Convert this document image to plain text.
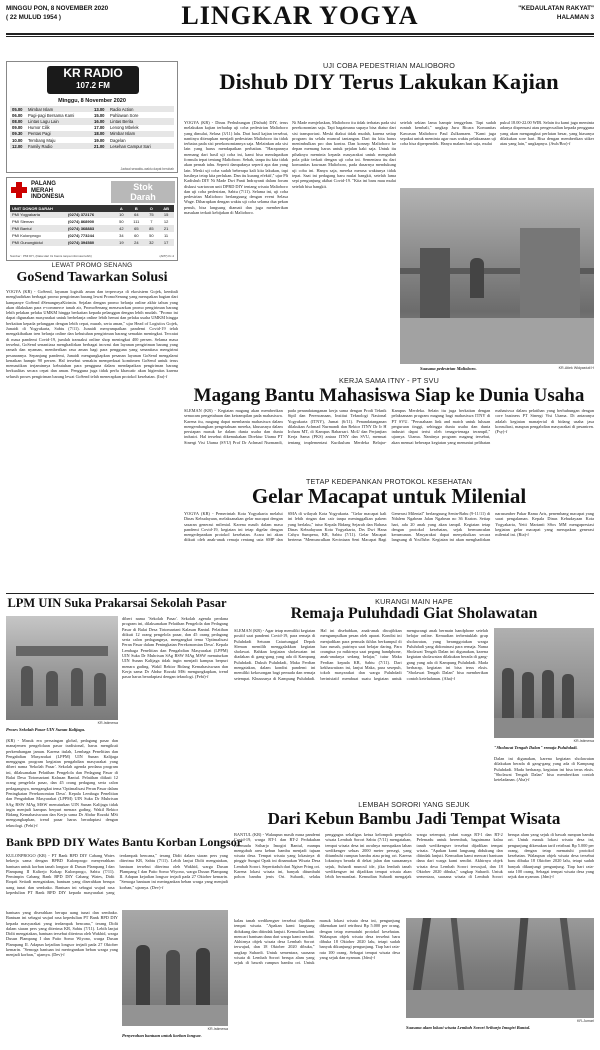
MINGGU PON, 8 NOVEMBER 2020
( 22 MULUD 1954 )	LINGKAR YOGYA	"KEDAULATAN RAKYAT"
HALAMAN 3
KR RADIO
107.2 FM
Minggu, 8 November 2020
05.00	Mimbar Islam	13.00	Radio Action
06.00	Pagi-pagi Bersama Kami	15.00	Pahlawan Sore
08.00	Lintas Lagu Lain	16.00	Lintas Berita
09.00	Humor Cilik	17.00	Lenong Mbelek
09.30	Pentas Pagi	18.00	Mimbar Islam
10.00	Tembang Maju	19.00	Dagelan
12.00	Family Radio	21.00	Lesehan Campur Sari
Jadwal sewaktu-waktu dapat berubah
PALANG
MERAH
INDONESIA
Stok
Darah
UNIT DONOR DARAH		A	B	O	AB
PMI Yogyakarta	(0274) 372176	10	64	75	15
PMI Sleman	(0274) 868900	50	111	7	12
PMI Bantul	(0274) 368883	42	65	85	21
PMI Kulonprogo	(0274) 773244	34	60	50	11
PMI Gunungkidul	(0274) 394580	19	24	32	17
Sumber : PMI DIY, (Data Hari Ini Kamis tanpa informasi lebih)	(APP) Kr-4
UJI COBA PEDESTRIAN MALIOBORO
Dishub DIY Terus Lakukan Kajian
YOGYA (KR) - Dinas Perhubungan (Dishub) DIY, terus melakukan kajian terhadap uji coba pedestrian Malioboro yang dimulai, Selasa (3/11) lalu. Dari hasil kajian tersebut, nantinya diterapkan menjadi pedestrian Malioboro itu tidak terbatas pada sisi perekonomiannya saja. Melainkan ada sisi lain yang harus mendapatkan perhatian. "Harapannya memang dari hasil uji coba ini, kami bisa mendapatkan formula tepat tentang Malioboro. Sebab, tanpa itu kita tidak akan pernah tahu. Seperti dampaknya seperti apa dan yang lain. Meski uji coba sudah beberapa kali kita lakukan, tapi hasilnya tetap kita perlukan. Dan itu kurang efektif," ujar Plt Kadishub DIY Ni Made Dwi Panti Indrayanti dalam forum diskusi wartawan unit DPRD DIY tentang wisata Malioboro dan uji coba pedestrian, Sabtu (7/11). Selama ini, uji coba pedestrian Malioboro berlangsung dengan event Selasa Wage. Diharapkan dengan waktu uji coba selama dua pekan penuh, bisa langsung diamati dan juga memberikan masukan terkait kebijakan di Malioboro.
Ni Made menjelaskan, Malioboro itu tidak terbatas pada sisi perekonomian saja. Tapi bagaimana supaya bisa diatur dari sisi transportasi. Meski diakui tidak mudah, karena setiap program itu selalu muncul tantangan. Dari itu kita harus menimbulkan pro dan kontra. Dan konsep Malioboro ke depan memang harus untuk pejalan kaki saja. Untuk itu pihaknya meminta kepada masyarakat untuk mengubah pola pikir terkait dengan uji coba ini. Sementara itu dari komunitas kawasan Malioboro, pada dasarnya mendukung uji coba ini. Hanya saja, mereka merasa waktunya tidak tepat. Saat ini pedagang baru mulai bangkit, setelah lama sepi pengunjung akibat Covid-19. "Kita ini baru mau mulai setelah bisa bangkit.
setelah sekian lama hampir tenggelam. Tapi sudah runtuh kembali," ungkap Juru Bicara Komunitas Kawasan Malioboro Paul Zulkarnaen. "Kami juga sepakat untuk meminta agar ruas waktu pelaksanaan uji coba bisa diperpendek. Hanya malam hari saja, mulai
pukul 18.00-22.00 WIB. Selain itu kami juga meminta adanya dispensasi atau pengecualian kepada pengguna yang akan mengangkut perlatan besar, yang biasanya dilakukan sore hari. Bisa dengan memberikan stiker atau yang lain," ungkapnya. (Awh/Bro)-f
Suasana pedestrian Malioboro.	KR-Atiek Widyastuti H
LEWAT PROMO SENANG
GoSend Tawarkan Solusi
YOGYA (KR) - GoSend, layanan logistik aman dan terpercaya di ekosistem Gojek, kembali menghadirkan berbagai promo pengiriman barang lewat PromoSenang yang merupakan bagian dari kampanye GoSend #SenangnyaKirimin. Sejalan dengan promo belanja online akhir tahun yang akan dilakukan para e-commerce tanah air, PromoSenang menawarkan promo pengiriman barang lebih pelakan pelaku UMKM hingga berkaitan kepada pelanggan dengan lebih mudah. "Promo ini dapat digunakan masyarakat untuk berbelanja online lebih hemat dan pelaku usaha UMKM hingga berkaitan kepada pelanggan dengan lebih cepat, murah, serta aman," ujar Head of Logistics Gojek, Junaidi di Yogyakarta, Sabtu (7/11). Junaidi menyampaikan pandemi Covid-19 telah mengakibatkan tren belanja online dan kebutuhan pengiriman barang semakin meningkat. Tercatat di masa pandemi Covid-19, jumlah transaksi online shop meningkat 400 persen. Selama masa tersebut, GoSend senantiasa menghadirkan berbagai inovasi dan layanan pengiriman barang yang ramah dan nyaman, memberikan rasa aman bagi para pengguna yang senantiasa mengirimi pesanannya. Sepanjang pandemi, Junaidi mengungkapkan pesanan layanan GoSend mengalami kenaikan hampir 90 persen. Hal tersebut semakin memperkuat komitmen GoSend untuk terus memastikan terjaminnya kebutuhan para pengguna dalam mendapatkan pengiriman barang berkualitas secara cepat dan aman. Pengguna juga tidak perlu khawatir akan higienitas karena seluruh proses pengiriman barang lewat GoSend telah menerapkan protokol kesehatan. (Ira)-f	KERJA SAMA ITNY - PT SVU
Magang Bantu Mahasiswa Siap ke Dunia Usaha
SLEMAN (KR) - Kegiatan magang akan memberikan semacam pengetahuan dan ketrampilan pada mahasiswa. Karena itu, magang dapat membantu mahasiswa dalam mengembangkan pengetahuan mereka, khususnya dalam persiapan masuk ke dalam dunia usaha dan dunia industri. Hal tersebut dikemukakan Direktur Utama PT Sinergi Visi Utama (SVU) Prof Dr Achmad Nurmandi, pada penandatanganan kerja sama dengan Prodi Teknik Sipil dan Perencanaan, Institut Teknologi Nasional Yogyakarta (ITNY), Jumat (6/11). Penandatanganan dilakukan Achmad Nurmandi dan Rektor ITNY Dr Ir H Ircham MT, di Kampus Babarsari. MoU dan Perjanjian Kerja Sama (PKS) antara ITNY dan SVU, memuat tentang implementasi Kurikulum Merdeka Belajar-Kampus Merdeka. Selain itu juga berkaitan dengan pelaksanaan program magang bagi mahasiswa ITNY di PT SVU. "Perusahaan link and match untuk lulusan perguruan tinggi, sehingga dunia usaha dan dunia industri dapat terisi oleh tenaga-tenaga terampil," ujarnya. Utama. Nantinya program magang tersebut, akan menuai beberapa kegiatan yang menuntut pelibatan mahasiswa dalam pelatihan yang berhubungan dengan core business PT Sinergi Visi Utama. Di antaranya adalah kegiatan manajerial di bidang usaha jasa konsultasi, maupun pengabdian masyarakat di pesantren. (Fsy)-f
TETAP KEDEPANKAN PROTOKOL KESEHATAN
Gelar Macapat untuk Milenial
YOGYA (KR) - Pemerintah Kota Yogyakarta melalui Dinas Kebudayaan, melaksanakan gelar macapat dengan sasaran generasi milenial. Karena masih dalam masa pandemi Covid-19, kegiatan ini tetap digelar dengan mengedepankan protokol kesehatan. Acara ini akan diikuti oleh anak-anak remaja rentang usia SMP dan SMA di wilayah Kota Yogyakarta. "Gelar macapat kali ini lebih ringan dan cair tanpa meninggalkan pakem yang berlaku," tutur Kepala Bidang Sejarah dan Bahasa Dinas Kebudayaan Kota Yogyakarta, Drs Dwi Hana Cahya Sumpena, KR, Sabtu (7/11). Gelar Macapat bertema "Memunculkan Kecintaan Seni Macapat Bagi Generasi Milenial" berlangsung Senin-Rabu (9-11/11) di Ndalem Ngabean Jalan Ngabean no 36 Kraton. Setiap hari, ada 20 anak yang akan tampil. Kegiatan tetap dengan protokol kesehatan, sejak bermunculan kerumunan. Masyarakat dapat menyaksikan secara langsung di YouTube. Kegiatan ini akan menghadirkan narasumber Pakar Rama Aris, penembang macapat yang sarat pengalaman. Kepala Dinas Kebudayaan Kota Yogyakarta, Yetti Martanti SSos MM mengapresiasi kegiatan gelar macapat yang merupakan generasi milenial ini. (Ria)-f
LPM UIN Suka Prakarsai Sekolah Pasar
KR-Istimewa
Proses Sekolah Pasar UIN Sunan Kalijaga.
(KR) - Masuk era persaingan global, pedagang pasar dan manajemen pengelolaan pasar tradisional, harus mengikuti perkembangan jaman. Karena itulah, Lembaga Penelitian dan Pengabdian Masyarakat (LPPM) UIN Sunan Kalijaga menggagas program kegiatan pengabdian masyarakat yang diberi nama 'Sekolah Pasar'. Sekolah agenda perdana program ini, dilaksanakan Pelatihan Pengelola dan Pedagang Pasar di Balai Desa Tirtomartani Kalasan Bantul. Pelatihan diikuti 12 orang pengelola pasar, dan 45 orang pedagang serta calon pedagangnya, mengangkat tema 'Optimalisasi Peran Pasar dalam Peningkatan Perekonomian Desa'. Kepala Lembaga Penelitian dan Pengabdian Masyarakat (LPPM) UIN Suka Dr Muhrisun SAg BSW MAg MSW menuturkan UIN Sunan Kalijaga tidak ingin menjadi kampus berpuri menara gading. Wakil Rektor Bidang Kemahasiswaan dan Kerja sama Dr Abdur Rozaki MSi mengungkapkan, trend pasar harus beradaptasi dengan teknologi. (Febi)-f
diberi nama 'Sekolah Pasar'. Sekolah agenda perdana program ini, dilaksanakan Pelatihan Pengelola dan Pedagang Pasar di Balai Desa Tirtomartani Kalasan Bantul. Pelatihan diikuti 12 orang pengelola pasar, dan 45 orang pedagang serta calon pedagangnya, mengangkat tema 'Optimalisasi Peran Pasar dalam Peningkatan Perekonomian Desa'. Kepala Lembaga Penelitian dan Pengabdian Masyarakat (LPPM) UIN Suka Dr Muhrisun SAg BSW MAg MSW menuturkan UIN Sunan Kalijaga tidak ingin menjadi kampus berpuri menara gading. Wakil Rektor Bidang Kemahasiswaan dan Kerja sama Dr Abdur Rozaki MSi mengungkapkan, trend pasar harus beradaptasi dengan teknologi. (Febi)-f
KURANGI MAIN HAPE
Remaja Puluhdadi Giat Sholawatan
SLEMAN (KR) - Agar tetap memiliki kegiatan positif saat pandemi Covid-19, para remaja di Puluhdadi Seturan Caturtunggal Depok Sleman memilih menggalakkan kegiatan sholawat. Bahkan kegiatan sholawatan ini diadakan di gang-gang yang ada di Kampung Puluhdadi. Dukuh Puluhdadi, Maka Ferdian mengatakan, dalam kondisi pandemi ini memiliki kekosongan bagi pemuda dan remaja setempat. Khususnya di Kampung Puluhdadi. Hal ini disebabkan, anak-anak diwajibkan mengumpulkan pesan oleh aparat. Kondisi ini menjadikan para pemuda ikhlas berkumpul di luar rumah, putrinya saat belajar daring. Para orangtua ya mikirnya saat pegang handphone, anak-anaknya sedang belajar," tutur Maka Ferdian kepada KR, Sabtu (7/11). Dari kekhawatiran ini, lanjut Maka, para sesepuh, tokoh masyarakat dan warga Puluhdadi berinisiatif membuat suatu kegiatan untuk mengurangi anak bermain handphone setelah belajar online. Kemudian terbentuklah grup sholawatan, yang beranggotakan warga Puluhdadi yang didominasi para remaja. Nama Sholawat Tengah Dalan ini digunakan, karena kegiatan sholawatan dilakukan berada di gang-gang yang ada di Kampung Puluhdadi. Mada berharap, kegiatan ini bisa terus eksis. "Sholawat Tengah Dalan" bisa memberikan contoh keteladanan. (Aha)-f
KR-Istimewa
"Sholawat Tengah Dalan" remaja Puluhdadi.
Dalan ini digunakan, karena kegiatan sholawatan dilakukan berada di gang-gang yang ada di Kampung Puluhdadi. Mada berharap, kegiatan ini bisa terus eksis. "Sholawat Tengah Dalan" bisa memberikan contoh keteladanan. (Aha)-f
Bank BPD DIY Wates Bantu Korban Longsor
KULONPROGO (KR) - PT Bank BPD DIY Cabang Wates bekerja sama dengan BPBD Kulonprogo menyerahkan bantuan untuk korban tanah longsor di Dusun Plampang I dan Plampang II Kalirejo Kokap Kulonprogo, Sabtu (7/11). Pemimpin Cabang Bank BPD DIY Cabang Wates, Didit Roqati Setiadi mengatakan, bantuan yang diserahkan berupa uang tunai dan sembako. Bantuan ini sebagai wujud rasa kepedulian PT Bank BPD DIY kepada masyarakat yang terdampak bencana," terang Didit dalam siaran pers yang diterima KR, Sabtu (7/11). Lebih lanjut Didit mengatakan, bantuan tersebut diterima oleh Wakhid, warga Dusun Plampang I dan Paito Somo Wiyono, warga Dusun Plampang II. Adapun kejadian longsor terjadi pada 27 Oktober kemarin. "Semoga bantuan ini meringankan beban warga yang menjadi korban," ujarnya. (Dev)-f
bantuan yang diserahkan berupa uang tunai dan sembako. Bantuan ini sebagai wujud rasa kepedulian PT Bank BPD DIY kepada masyarakat yang terdampak bencana," terang Didit dalam siaran pers yang diterima KR, Sabtu (7/11). Lebih lanjut Didit mengatakan, bantuan tersebut diterima oleh Wakhid, warga Dusun Plampang I dan Paito Somo Wiyono, warga Dusun Plampang II. Adapun kejadian longsor terjadi pada 27 Oktober kemarin. "Semoga bantuan ini meringankan beban warga yang menjadi korban," ujarnya. (Dev)-f
KR-Istimewa
Penyerahan bantuan untuk korban longsor.
LEMBAH SORORI YANG SEJUK
Dari Kebun Bambu Jadi Tempat Wisata
BANTUL (KR) - Walaupun masih masa pandemi Covid-19, warga RT-1 dan RT-2 Pedukuhan Pelemadu Sriharjo Imogiri Bantul, mampu mengubah area kebun bambu menjadi tujuan wisata desa. Tempat wisata yang lokasinya di pinggir Sungai Opak ini dinamakan Wisata Desa Lembah Sorori. Sepertiaduh dari Ngiser Pring ori. Karena lokasi wisata ini, banyak ditumbuhi pohon bambu jenis Ori. Suhardi, selaku penggagas sekaligus ketua kelompok pengelola wisata Lembah Sorori Sabtu (7/11) mengatakan, tempat wisata desa ini awalnya merupakan lahan wedikenger seluas 2000 meter persegi, yang ditumbuhi rumpun bambu atau pring ori. Karena lokasinya berada di dekat jalan dan suasananya sejuk, Suhardi muncul ide, jika lembah tanah wedikengser ini dijadikan tempat wisata akan lebih bermanfaat. Kemudian Suhardi mengajak warga setempat, yakni warga RT-1 dan RT-2 Pelemadu untuk berembuk, bagaimana kalau tanah wedikengser tersebut dijadikan tempat wisata. "Apakan kami langsung didukung dan ditindak lanjuti. Kemudian kami mencari bantuan dana dari warga kami sendiri. Akhirnya objek wisata desa Lembah Sorori terwujud, dan 18 Oktober 2020 dibuka," ungkap Suhardi. Untuk sementara, suasana wisata di Lembah Sorori berupa alam yang sejuk di bawah rumpun bambu ori. Untuk masuk lokasi wisata desa ini, pengunjung dikenakan tarif retribusi Rp 5.000 per orang, dengan tetap mematuhi protokol kesehatan. Walaupun objek wisata desa tersebut baru dibuka 18 Oktober 2020 lalu, tetapi sudah banyak dikunjungi pengunjung. Tiap hari rata-rata 100 orang. Sebagai tempat wisata desa yang sejuk dan nyaman. (Jdm)-f
kalau tanah wedikengser tersebut dijadikan tempat wisata. "Apakan kami langsung didukung dan ditindak lanjuti. Kemudian kami mencari bantuan dana dari warga kami sendiri. Akhirnya objek wisata desa Lembah Sorori terwujud, dan 18 Oktober 2020 dibuka," ungkap Suhardi. Untuk sementara, suasana wisata di Lembah Sorori berupa alam yang sejuk di bawah rumpun bambu ori. Untuk masuk lokasi wisata desa ini, pengunjung dikenakan tarif retribusi Rp 5.000 per orang, dengan tetap mematuhi protokol kesehatan. Walaupun objek wisata desa tersebut baru dibuka 18 Oktober 2020 lalu, tetapi sudah banyak dikunjungi pengunjung. Tiap hari rata-rata 100 orang. Sebagai tempat wisata desa yang sejuk dan nyaman. (Jdm)-f
KR-Jumari
Suasana alam lokasi wisata Lembah Sorori Sriharjo Imogiri Bantul.
